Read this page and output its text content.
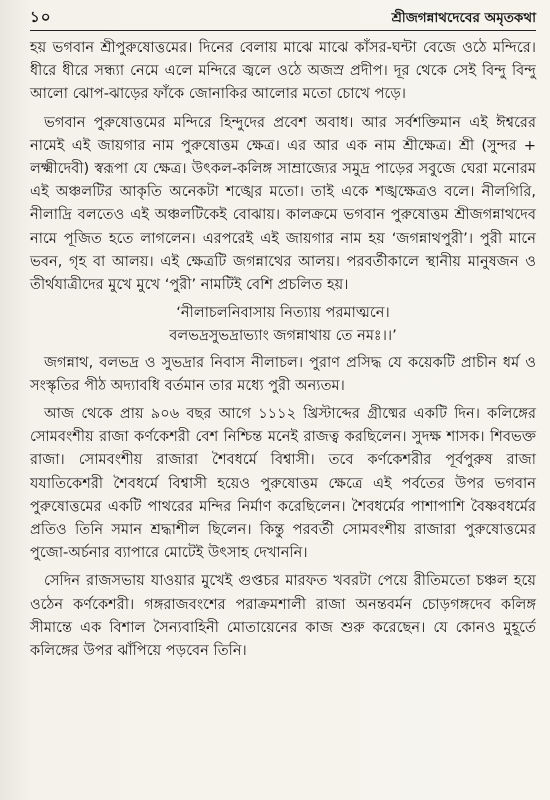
১০	শ্রীজগন্নাথদেবের অমৃতকথা

হয় ভগবান শ্রীপুরুষোত্তমের। দিনের বেলায় মাঝে মাঝে কাঁসর-ঘন্টা বেজে ওঠে মন্দিরে। ধীরে ধীরে সন্ধ্যা নেমে এলে মন্দিরে জ্বলে ওঠে অজস্র প্রদীপ। দূর থেকে সেই বিন্দু বিন্দু আলো ঝোপ-ঝাড়ের ফাঁকে জোনাকির আলোর মতো চোখে পড়ে।

ভগবান পুরুষোত্তমের মন্দিরে হিন্দুদের প্রবেশ অবাধ। আর সর্বশক্তিমান এই ঈশ্বরের নামেই এই জায়গার নাম পুরুষোত্তম ক্ষেত্র। এর আর এক নাম শ্রীক্ষেত্র। শ্রী (সুন্দর + লক্ষ্মীদেবী) স্বরূপা যে ক্ষেত্র। উৎকল-কলিঙ্গ সাম্রাজ্যের সমুদ্র পাড়ের সবুজে ঘেরা মনোরম এই অঞ্চলটির আকৃতি অনেকটা শঙ্খের মতো। তাই একে শঙ্খক্ষেত্রও বলে। নীলগিরি, নীলাদ্রি বলতেও এই অঞ্চলটিকেই বোঝায়। কালক্রমে ভগবান পুরুষোত্তম শ্রীজগন্নাথদেব নামে পূজিত হতে লাগলেন। এরপরেই এই জায়গার নাম হয় ‘জগন্নাথপুরী’। পুরী মানে ভবন, গৃহ বা আলয়। এই ক্ষেত্রটি জগন্নাথের আলয়। পরবর্তীকালে স্থানীয় মানুষজন ও তীর্থযাত্রীদের মুখে মুখে ‘পুরী’ নামটিই বেশি প্রচলিত হয়।

‘নীলাচলনিবাসায় নিত্যায় পরমাত্মনে।
বলভদ্রসুভদ্রাভ্যাং জগন্নাথায় তে নমঃ।।’

জগন্নাথ, বলভদ্র ও সুভদ্রার নিবাস নীলাচল। পুরাণ প্রসিদ্ধ যে কয়েকটি প্রাচীন ধর্ম ও সংস্কৃতির পীঠ অদ্যাবধি বর্তমান তার মধ্যে পুরী অন্যতম।

আজ থেকে প্রায় ৯০৬ বছর আগে ১১১২ খ্রিস্টাব্দের গ্রীষ্মের একটি দিন। কলিঙ্গের সোমবংশীয় রাজা কর্ণকেশরী বেশ নিশ্চিন্ত মনেই রাজত্ব করছিলেন। সুদক্ষ শাসক। শিবভক্ত রাজা। সোমবংশীয় রাজারা শৈবধর্মে বিশ্বাসী। তবে কর্ণকেশরীর পূর্বপুরুষ রাজা যযাতিকেশরী শৈবধর্মে বিশ্বাসী হয়েও পুরুষোত্তম ক্ষেত্রে এই পর্বতের উপর ভগবান পুরুষোত্তমের একটি পাথরের মন্দির নির্মাণ করেছিলেন। শৈবধর্মের পাশাপাশি বৈষ্ণবধর্মের প্রতিও তিনি সমান শ্রদ্ধাশীল ছিলেন। কিন্তু পরবর্তী সোমবংশীয় রাজারা পুরুষোত্তমের পুজো-অর্চনার ব্যাপারে মোটেই উৎসাহ দেখাননি।

সেদিন রাজসভায় যাওয়ার মুখেই গুপ্তচর মারফত খবরটা পেয়ে রীতিমতো চঞ্চল হয়ে ওঠেন কর্ণকেশরী। গঙ্গরাজবংশের পরাক্রমশালী রাজা অনন্তবর্মন চোড়গঙ্গদেব কলিঙ্গ সীমান্তে এক বিশাল সৈন্যবাহিনী মোতায়েনের কাজ শুরু করেছেন। যে কোনও মুহূর্তে কলিঙ্গের উপর ঝাঁপিয়ে পড়বেন তিনি।
